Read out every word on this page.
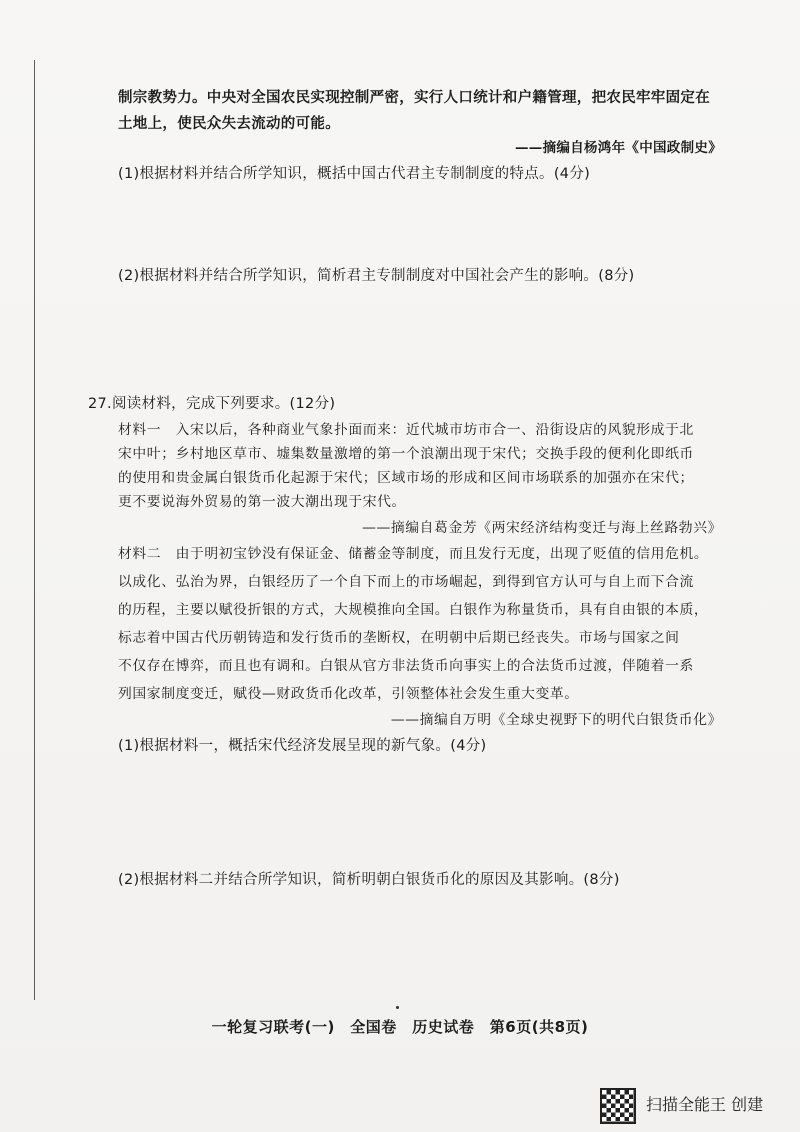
制宗教势力。中央对全国农民实现控制严密，实行人口统计和户籍管理，把农民牢牢固定在
土地上，使民众失去流动的可能。
——摘编自杨鸿年《中国政制史》
(1)根据材料并结合所学知识，概括中国古代君主专制制度的特点。(4分)
(2)根据材料并结合所学知识，简析君主专制制度对中国社会产生的影响。(8分)
27.阅读材料，完成下列要求。(12分)
材料一　入宋以后，各种商业气象扑面而来：近代城市坊市合一、沿街设店的风貌形成于北
宋中叶；乡村地区草市、墟集数量激增的第一个浪潮出现于宋代；交换手段的便利化即纸币
的使用和贵金属白银货币化起源于宋代；区域市场的形成和区间市场联系的加强亦在宋代；
更不要说海外贸易的第一波大潮出现于宋代。
——摘编自葛金芳《两宋经济结构变迁与海上丝路勃兴》
材料二　由于明初宝钞没有保证金、储蓄金等制度，而且发行无度，出现了贬值的信用危机。
以成化、弘治为界，白银经历了一个自下而上的市场崛起，到得到官方认可与自上而下合流
的历程，主要以赋役折银的方式，大规模推向全国。白银作为称量货币，具有自由银的本质，
标志着中国古代历朝铸造和发行货币的垄断权，在明朝中后期已经丧失。市场与国家之间
不仅存在博弈，而且也有调和。白银从官方非法货币向事实上的合法货币过渡，伴随着一系
列国家制度变迁，赋役—财政货币化改革，引领整体社会发生重大变革。
——摘编自万明《全球史视野下的明代白银货币化》
(1)根据材料一，概括宋代经济发展呈现的新气象。(4分)
(2)根据材料二并结合所学知识，简析明朝白银货币化的原因及其影响。(8分)
一轮复习联考(一)　全国卷　历史试卷　第6页(共8页)
扫描全能王 创建
